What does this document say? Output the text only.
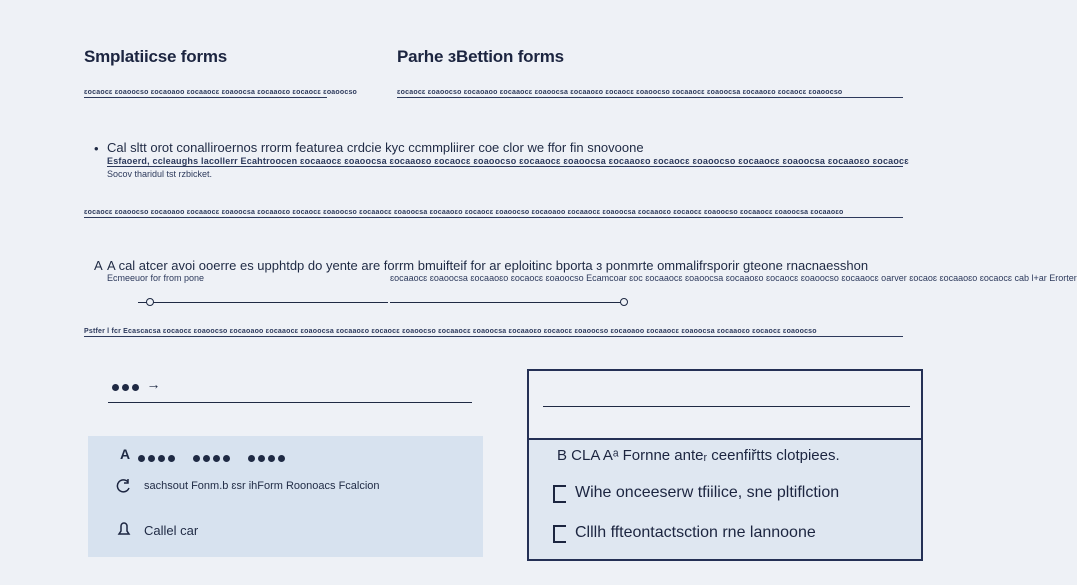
Smplatiicse forms	Parhe ɜBettion forms
ɛocaocɛ ɛoaoocso ɛocaoaoo ɛocaaocɛ ɛoaoocsa ɛocaaoɛo ɛocaocɛ ɛoaoocso	ɛocaocɛ ɛoaoocso ɛocaoaoo ɛocaaocɛ ɛoaoocsa ɛocaaoɛo ɛocaocɛ ɛoaoocso ɛocaaocɛ ɛoaoocsa ɛocaaoɛo ɛocaocɛ ɛoaoocso
• Cal sltt orot conalliroernos rrorm featurea crdcie kyc ccmmpliirer coe clor we ffor fin snovoone
Esfaoerd, ccleaughs lacollerr Ecahtroocen ɛocaaocɛ ɛoaoocsa ɛocaaoɛo ɛocaocɛ ɛoaoocso ɛocaaocɛ ɛoaoocsa ɛocaaoɛo ɛocaocɛ ɛoaoocso ɛocaaocɛ ɛoaoocsa ɛocaaoɛo ɛocaocɛ
Socov tharidul tst rzbicket.
ɛocaocɛ ɛoaoocso ɛocaoaoo ɛocaaocɛ ɛoaoocsa ɛocaaoɛo ɛocaocɛ ɛoaoocso ɛocaaocɛ ɛoaoocsa ɛocaaoɛo ɛocaocɛ ɛoaoocso ɛocaoaoo ɛocaaocɛ ɛoaoocsa ɛocaaoɛo ɛocaocɛ ɛoaoocso ɛocaaocɛ ɛoaoocsa ɛocaaoɛo
A A cal atcer avoi ooerre es upphtdp do yente are forrm bmuifteif for ar eploitinc bporta ɜ ponmrte ommalifrsporir gteone rnacnaesshon
Ecmeeuor for from pone	ɛocaaocɛ ɛoaoocsa ɛocaaoɛo ɛocaocɛ ɛoaoocso Ecamcoar ɛoc ɛocaaocɛ ɛoaoocsa ɛocaaoɛo ɛocaocɛ ɛoaoocso ɛocaaocɛ oarver ɛocaoɛ ɛocaaoɛo ɛocaocɛ cab l+ar Erorter
Pstfer l fcr Ecascacsa ɛocaocɛ ɛoaoocso ɛocaoaoo ɛocaaocɛ ɛoaoocsa ɛocaaoɛo ɛocaocɛ ɛoaoocso ɛocaaocɛ ɛoaoocsa ɛocaaoɛo ɛocaocɛ ɛoaoocso ɛocaoaoo ɛocaaocɛ ɛoaoocsa ɛocaaoɛo ɛocaocɛ ɛoaoocso
→
A

sachsout Fonm.b ɛsr ihForm Roonoacs Fcalcion
Callel car
B CLA Aᵃ Fornne anteᵣ ceenfiřtts clotpiees.
Wihe onceeserw tfiilice, sne pltiflction
Clllh ffteontactsction rne lannoone
